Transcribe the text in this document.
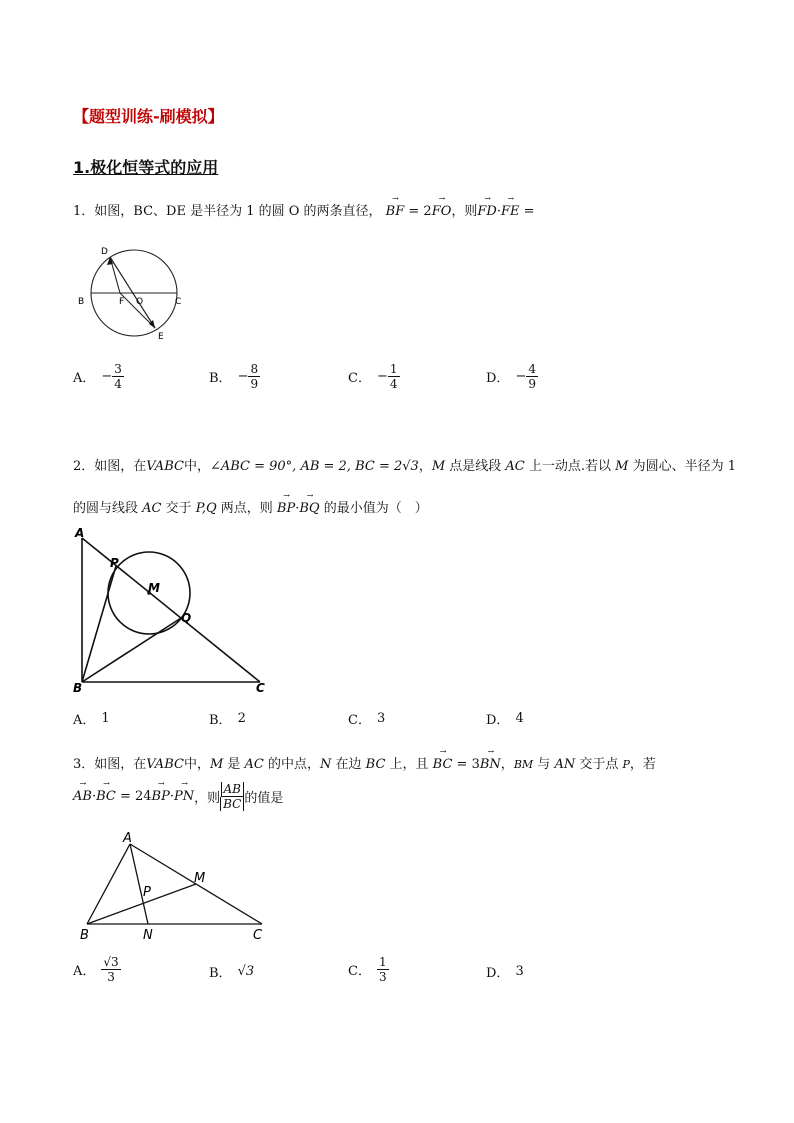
【题型训练-刷模拟】
1.极化恒等式的应用
1．如图，BC、DE 是半径为 1 的圆 O 的两条直径， → BF = 2→ FO，则→ FD·→ FE =
D
B	F O	C
E
A． − $\frac{3}{4}$	B． − $\frac{8}{9}$	C． − $\frac{1}{4}$	D． − $\frac{4}{9}$
2．如图，在VABC中，∠ABC = 90°, AB = 2, BC = 2√3，M 点是线段 AC 上一动点.若以 M 为圆心、半径为 1
的圆与线段 AC 交于 P,Q 两点，则 → BP·→ BQ 的最小值为（　）
A
P
M
Q
B	C
A． 1	B． 2	C． 3	D． 4
3．如图，在VABC中，M 是 AC 的中点，N 在边 BC 上，且 → BC = 3→ BN，BM 与 AN 交于点 P，若
→ AB·→ BC = 24→ BP·→ PN ，则 $\frac{AB}{BC}$ 的值是
A
M
P
B	N	C
A． $\frac{√3}{3}$	B． √3	C． $\frac{1}{3}$	D． 3
